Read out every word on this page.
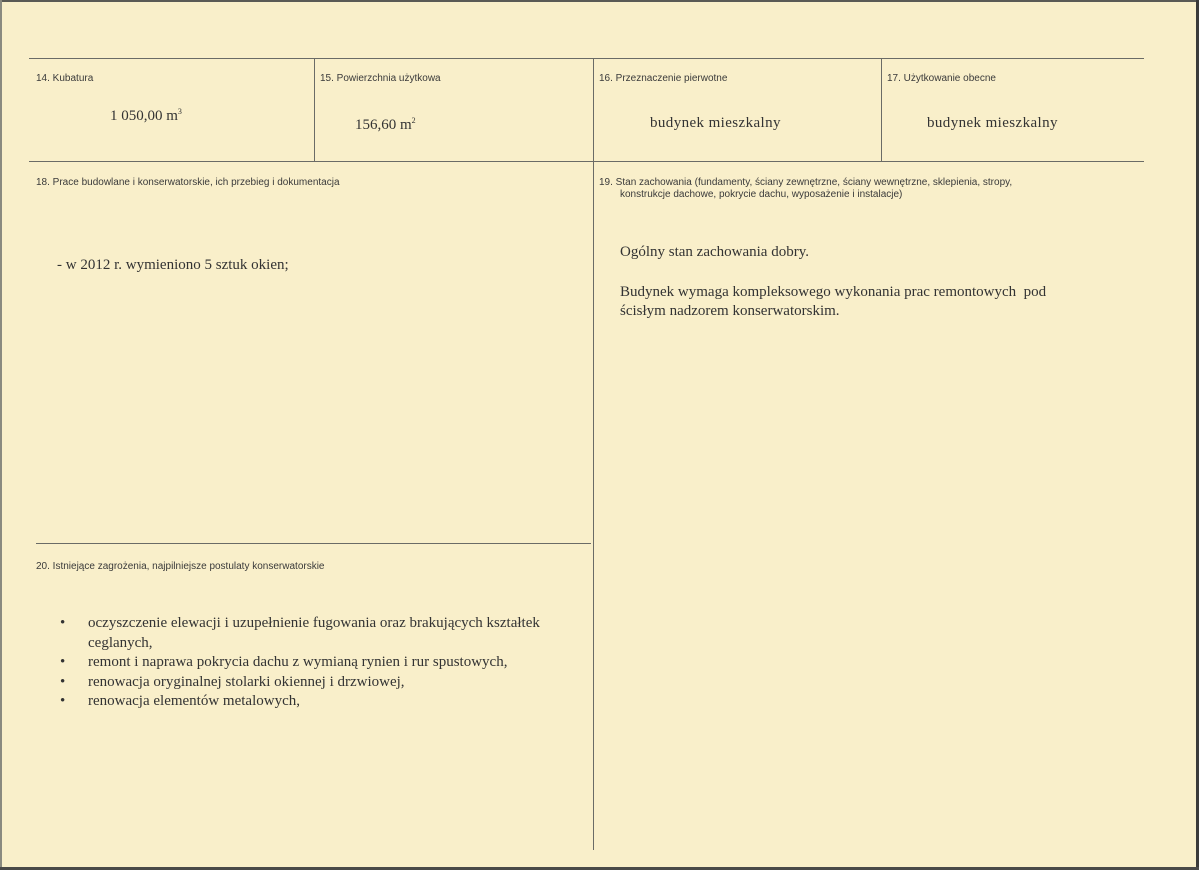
14. Kubatura
1 050,00 $m^3$
15. Powierzchnia użytkowa
156,60 $m^2$
16. Przeznaczenie pierwotne
budynek mieszkalny
17. Użytkowanie obecne
budynek mieszkalny
18. Prace budowlane i konserwatorskie, ich przebieg i dokumentacja
- w 2012 r. wymieniono 5 sztuk okien;
19. Stan zachowania (fundamenty, ściany zewnętrzne, ściany wewnętrzne, sklepienia, stropy,
konstrukcje dachowe, pokrycie dachu, wyposażenie i instalacje)
Ogólny stan zachowania dobry.
Budynek wymaga kompleksowego wykonania prac remontowych  pod
ścisłym nadzorem konserwatorskim.
20. Istniejące zagrożenia, najpilniejsze postulaty konserwatorskie
• oczyszczenie elewacji i uzupełnienie fugowania oraz brakujących kształtek
ceglanych,
• remont i naprawa pokrycia dachu z wymianą rynien i rur spustowych,
• renowacja oryginalnej stolarki okiennej i drzwiowej,
• renowacja elementów metalowych,
